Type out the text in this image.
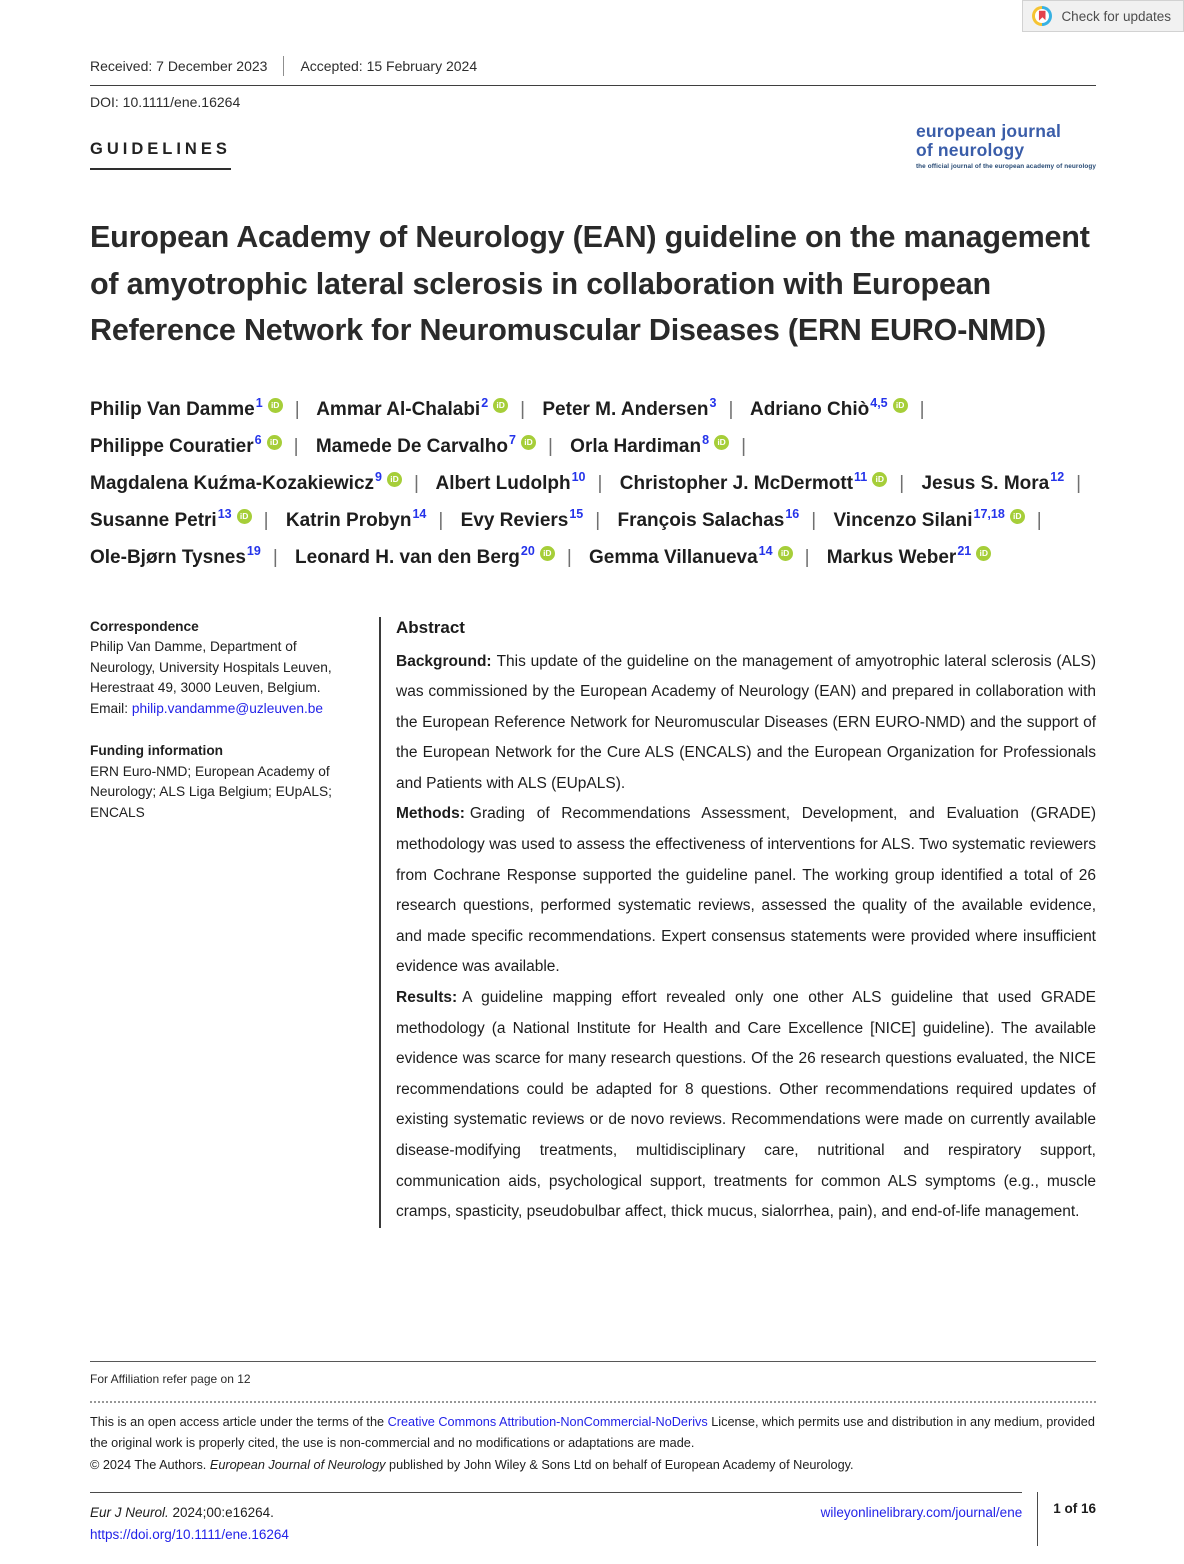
Check for updates
Received: 7 December 2023 Accepted: 15 February 2024
DOI: 10.1111/ene.16264
GUIDELINES
european journal
of neurology
the official journal of the european academy of neurology
European Academy of Neurology (EAN) guideline on the management of amyotrophic lateral sclerosis in collaboration with European Reference Network for Neuromuscular Diseases (ERN EURO-NMD)
Philip Van Damme$^1$ iD | Ammar Al-Chalabi$^2$ iD | Peter M. Andersen$^3$ | Adriano Chiò$^{4,5}$ iD | Philippe Couratier$^6$ iD | Mamede De Carvalho$^7$ iD | Orla Hardiman$^8$ iD | Magdalena Kuźma-Kozakiewicz$^9$ iD | Albert Ludolph$^{10}$ | Christopher J. McDermott$^{11}$ iD | Jesus S. Mora$^{12}$ | Susanne Petri$^{13}$ iD | Katrin Probyn$^{14}$ | Evy Reviers$^{15}$ | François Salachas$^{16}$ | Vincenzo Silani$^{17,18}$ iD | Ole-Bjørn Tysnes$^{19}$ | Leonard H. van den Berg$^{20}$ iD | Gemma Villanueva$^{14}$ iD | Markus Weber$^{21}$ iD
Correspondence
Philip Van Damme, Department of Neurology, University Hospitals Leuven, Herestraat 49, 3000 Leuven, Belgium.
Email: philip.vandamme@uzleuven.be
Funding information
ERN Euro-NMD; European Academy of Neurology; ALS Liga Belgium; EUpALS; ENCALS
Abstract

Background: This update of the guideline on the management of amyotrophic lateral sclerosis (ALS) was commissioned by the European Academy of Neurology (EAN) and prepared in collaboration with the European Reference Network for Neuromuscular Diseases (ERN EURO-NMD) and the support of the European Network for the Cure ALS (ENCALS) and the European Organization for Professionals and Patients with ALS (EUpALS).

Methods: Grading of Recommendations Assessment, Development, and Evaluation (GRADE) methodology was used to assess the effectiveness of interventions for ALS. Two systematic reviewers from Cochrane Response supported the guideline panel. The working group identified a total of 26 research questions, performed systematic reviews, assessed the quality of the available evidence, and made specific recommendations. Expert consensus statements were provided where insufficient evidence was available.

Results: A guideline mapping effort revealed only one other ALS guideline that used GRADE methodology (a National Institute for Health and Care Excellence [NICE] guideline). The available evidence was scarce for many research questions. Of the 26 research questions evaluated, the NICE recommendations could be adapted for 8 questions. Other recommendations required updates of existing systematic reviews or de novo reviews. Recommendations were made on currently available disease-modifying treatments, multidisciplinary care, nutritional and respiratory support, communication aids, psychological support, treatments for common ALS symptoms (e.g., muscle cramps, spasticity, pseudobulbar affect, thick mucus, sialorrhea, pain), and end-of-life management.

For Affiliation refer page on 12
This is an open access article under the terms of the Creative Commons Attribution-NonCommercial-NoDerivs License, which permits use and distribution in any medium, provided the original work is properly cited, the use is non-commercial and no modifications or adaptations are made.
© 2024 The Authors. European Journal of Neurology published by John Wiley & Sons Ltd on behalf of European Academy of Neurology.
Eur J Neurol. 2024;00:e16264.
https://doi.org/10.1111/ene.16264
wileyonlinelibrary.com/journal/ene	1 of 16
